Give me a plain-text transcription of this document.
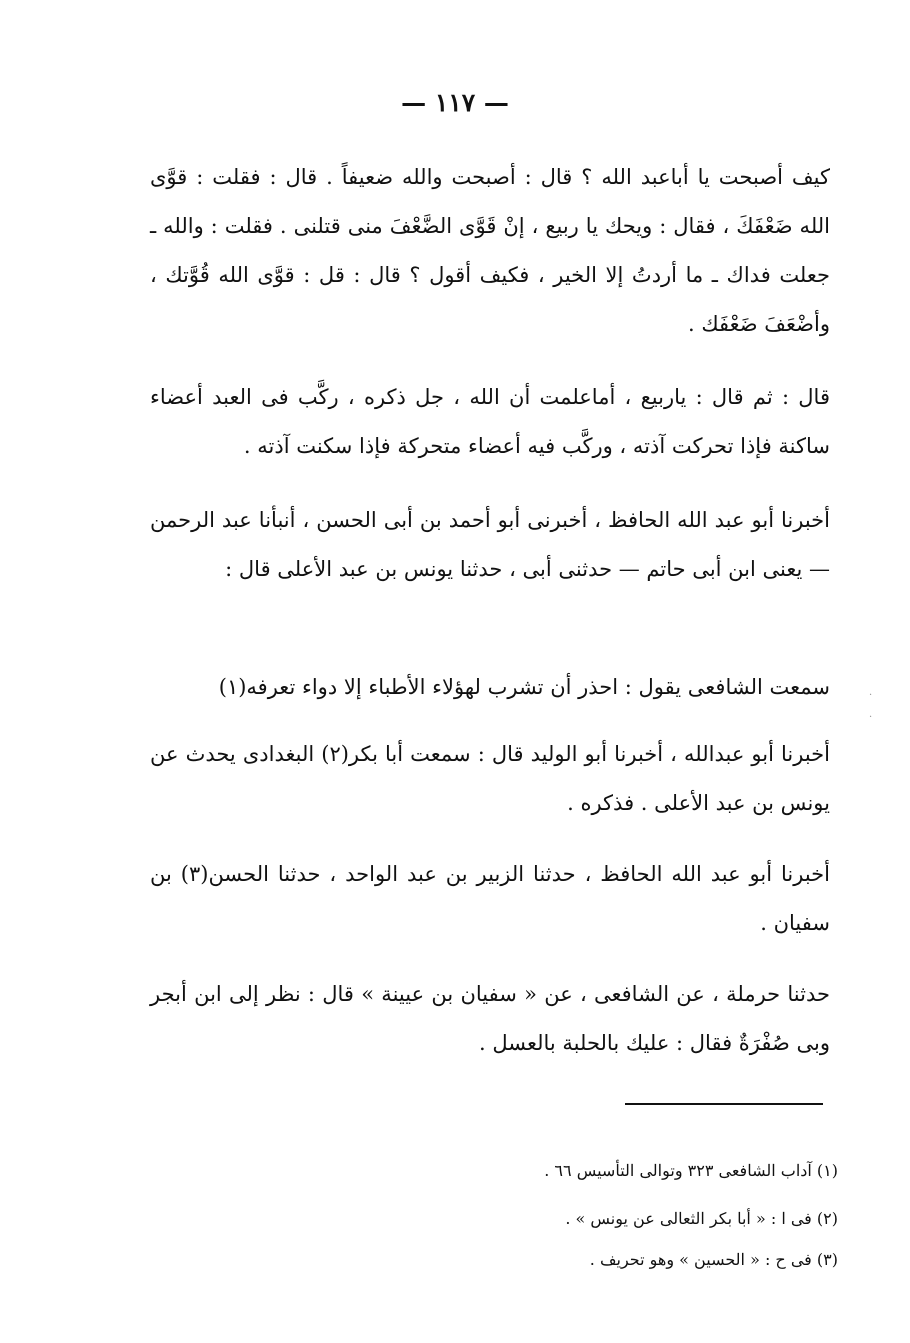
— ١١٧ —
كيف أصبحت يا أباعبد الله ؟ قال : أصبحت والله ضعيفاً . قال : فقلت : قوَّى الله ضَعْفَكَ ، فقال : ويحك يا ربيع ، إنْ قَوَّى الضَّعْفَ منى قتلنى . فقلت : والله ـ جعلت فداك ـ ما أردتُ إلا الخير ، فكيف أقول ؟ قال : قل : قوَّى الله قُوَّتك ، وأضْعَفَ ضَعْفَك .
قال : ثم قال : ياربيع ، أماعلمت أن الله ، جل ذكره ، ركَّب فى العبد أعضاء ساكنة فإذا تحركت آذته ، وركَّب فيه أعضاء متحركة فإذا سكنت آذته .
أخبرنا أبو عبد الله الحافظ ، أخبرنى أبو أحمد بن أبى الحسن ، أنبأنا عبد الرحمن — يعنى ابن أبى حاتم — حدثنى أبى ، حدثنا يونس بن عبد الأعلى قال :
سمعت الشافعى يقول : احذر أن تشرب لهؤلاء الأطباء إلا دواء تعرفه(١)
أخبرنا أبو عبدالله ، أخبرنا أبو الوليد قال : سمعت أبا بكر(٢) البغدادى يحدث عن يونس بن عبد الأعلى . فذكره .
أخبرنا أبو عبد الله الحافظ ، حدثنا الزبير بن عبد الواحد ، حدثنا الحسن(٣) بن سفيان .
حدثنا حرملة ، عن الشافعى ، عن « سفيان بن عيينة » قال : نظر إلى ابن أبجر وبى صُفْرَةٌ فقال : عليك بالحلبة بالعسل .
(١) آداب الشافعى ٣٢٣ وتوالى التأسيس ٦٦ .
(٢) فى ا : « أبا بكر الثعالى عن يونس » .
(٣) فى ح : « الحسين » وهو تحريف .
·
·
